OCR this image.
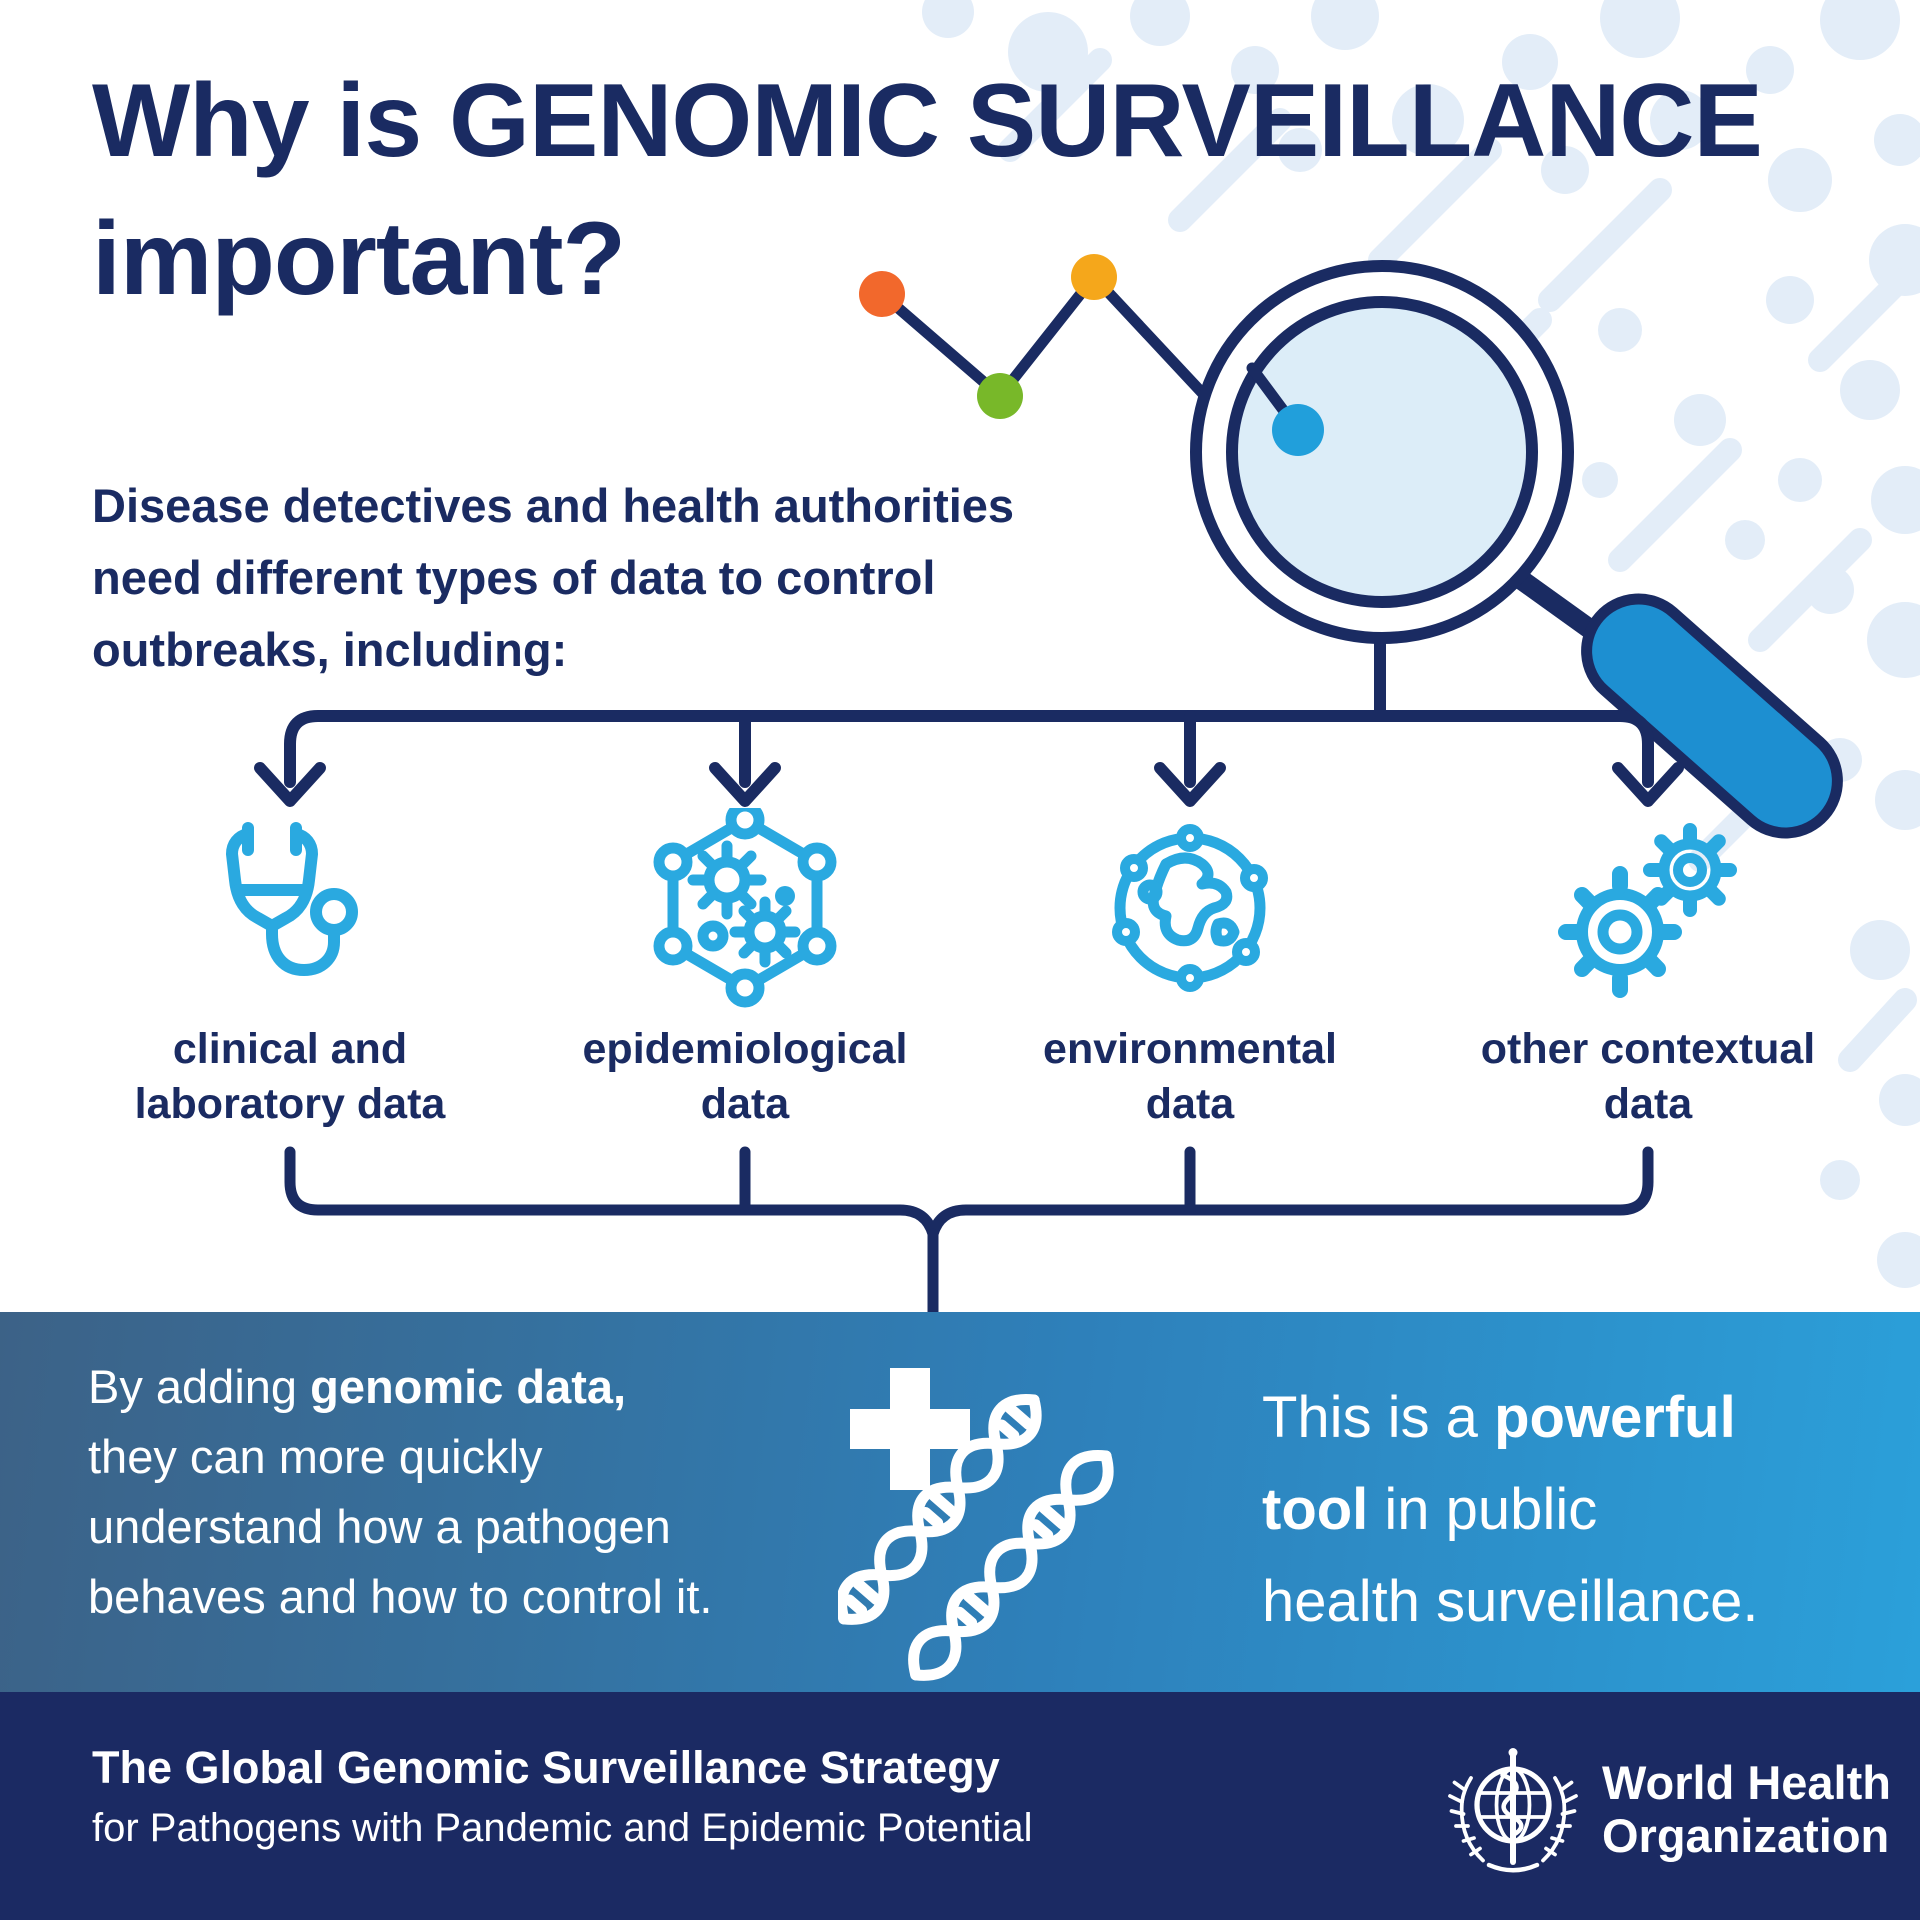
Why is GENOMIC SURVEILLANCE
important?
Disease detectives and health authorities
need different types of data to control
outbreaks, including:
clinical and
laboratory data
epidemiological
data
environmental
data
other contextual
data
By adding genomic data,
they can more quickly
understand how a pathogen
behaves and how to control it.
This is a powerful
tool in public
health surveillance.
The Global Genomic Surveillance Strategy
for Pathogens with Pandemic and Epidemic Potential
World Health
Organization
